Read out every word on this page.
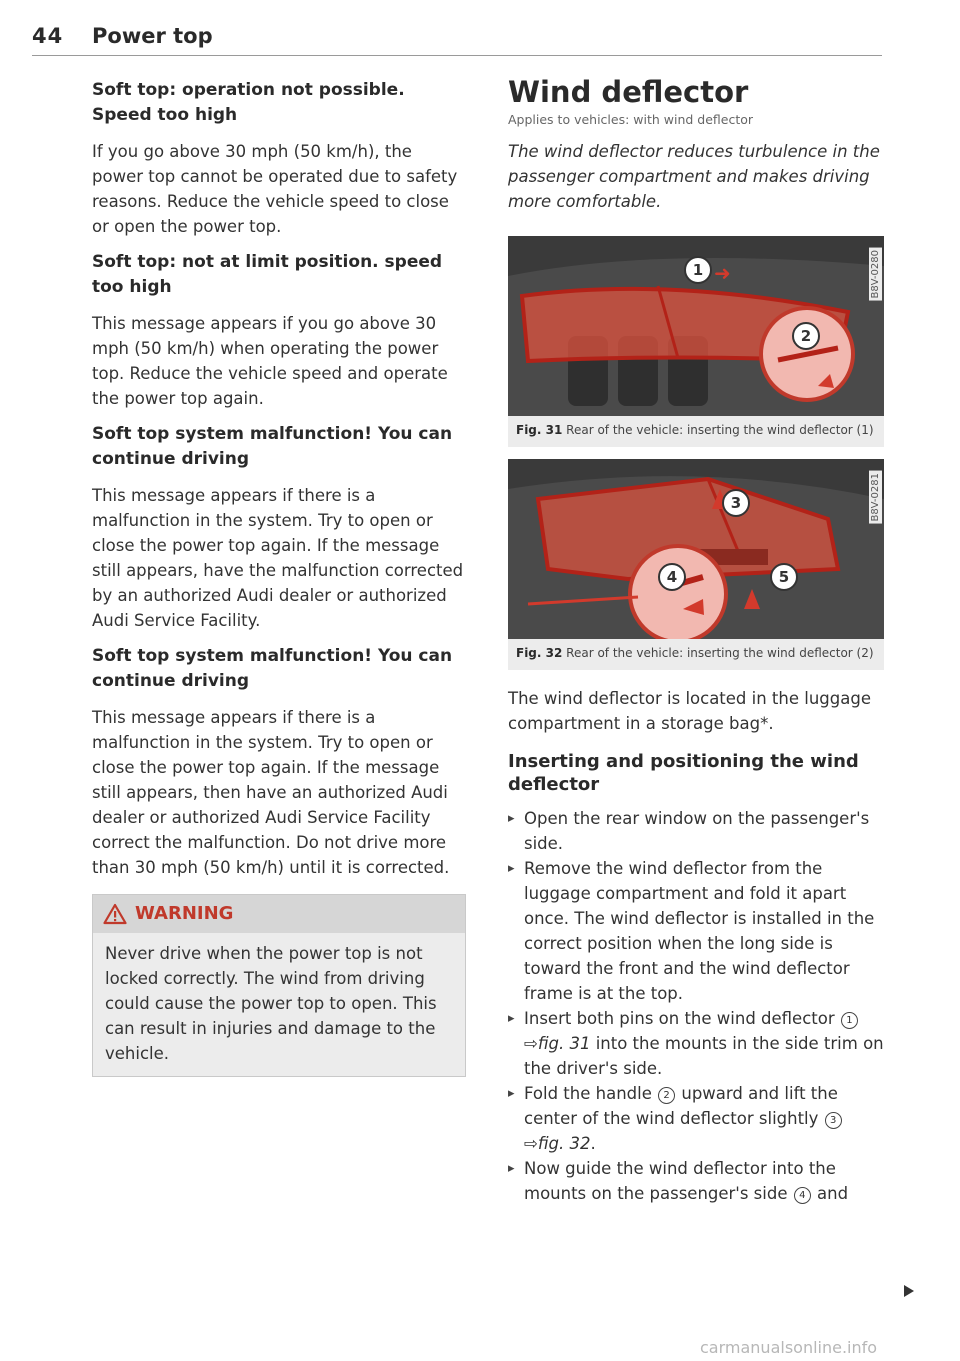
44 Power top
Soft top: operation not possible. Speed too high
If you go above 30 mph (50 km/h), the power top cannot be operated due to safety reasons. Reduce the vehicle speed to close or open the power top.
Soft top: not at limit position. speed too high
This message appears if you go above 30 mph (50 km/h) when operating the power top. Reduce the vehicle speed and operate the power top again.
Soft top system malfunction! You can continue driving
This message appears if there is a malfunction in the system. Try to open or close the power top again. If the message still appears, have the malfunction corrected by an authorized Audi dealer or authorized Audi Service Facility.
Soft top system malfunction! You can continue driving
This message appears if there is a malfunction in the system. Try to open or close the power top again. If the message still appears, then have an authorized Audi dealer or authorized Audi Service Facility correct the malfunction. Do not drive more than 30 mph (50 km/h) until it is corrected.
WARNING
Never drive when the power top is not locked correctly. The wind from driving could cause the power top to open. This can result in injuries and damage to the vehicle.
Wind deflector
Applies to vehicles: with wind deflector
The wind deflector reduces turbulence in the passenger compartment and makes driving more comfortable.
1 ➜
2
B8V-0280
Fig. 31 Rear of the vehicle: inserting the wind deflector (1)
3
4	5
B8V-0281
Fig. 32 Rear of the vehicle: inserting the wind deflector (2)
The wind deflector is located in the luggage compartment in a storage bag*.
Inserting and positioning the wind deflector
▸ Open the rear window on the passenger's side.
▸ Remove the wind deflector from the luggage compartment and fold it apart once. The wind deflector is installed in the correct position when the long side is toward the front and the wind deflector frame is at the top.
▸ Insert both pins on the wind deflector 1 ⇨fig. 31 into the mounts in the side trim on the driver's side.
▸ Fold the handle 2 upward and lift the center of the wind deflector slightly 3 ⇨fig. 32.
▸ Now guide the wind deflector into the mounts on the passenger's side 4 and
carmanualsonline.info
